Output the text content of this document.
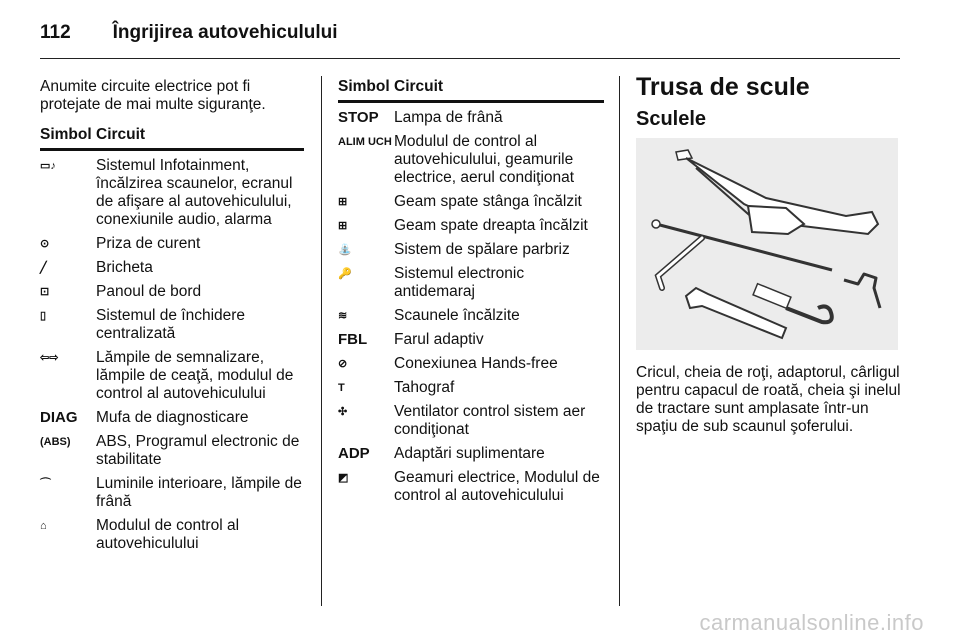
112 Îngrijirea autovehiculului

Anumite circuite electrice pot fi protejate de mai multe siguranţe.

Simbol	Circuit
▭♪	Sistemul Infotainment, încălzirea scaunelor, ecranul de afişare al autovehiculului, conexiunile audio, alarma
⊙	Priza de curent
╱	Bricheta
⊡	Panoul de bord
▯	Sistemul de închidere centralizată
⇦⇨	Lămpile de semnalizare, lămpile de ceaţă, modulul de control al autovehiculului
DIAG	Mufa de diagnosticare
(ABS)	ABS, Programul electronic de stabilitate
⌒	Luminile interioare, lămpile de frână
⌂	Modulul de control al autovehiculului
Simbol	Circuit
STOP	Lampa de frână
ALIM UCH	Modulul de control al autovehiculului, geamurile electrice, aerul condiţionat
⊞	Geam spate stânga încălzit
⊞	Geam spate dreapta încălzit
⛲	Sistem de spălare parbriz
🔑	Sistemul electronic antidemaraj
≋	Scaunele încălzite
FBL	Farul adaptiv
⊘	Conexiunea Hands-free
T	Tahograf
✣	Ventilator control sistem aer condiţionat
ADP	Adaptări suplimentare
◩	Geamuri electrice, Modulul de control al autovehiculului
Trusa de scule
Sculele

Cricul, cheia de roţi, adaptorul, cârligul pentru capacul de roată, cheia şi inelul de tractare sunt amplasate într-un spaţiu de sub scaunul şoferului.

carmanualsonline.info
